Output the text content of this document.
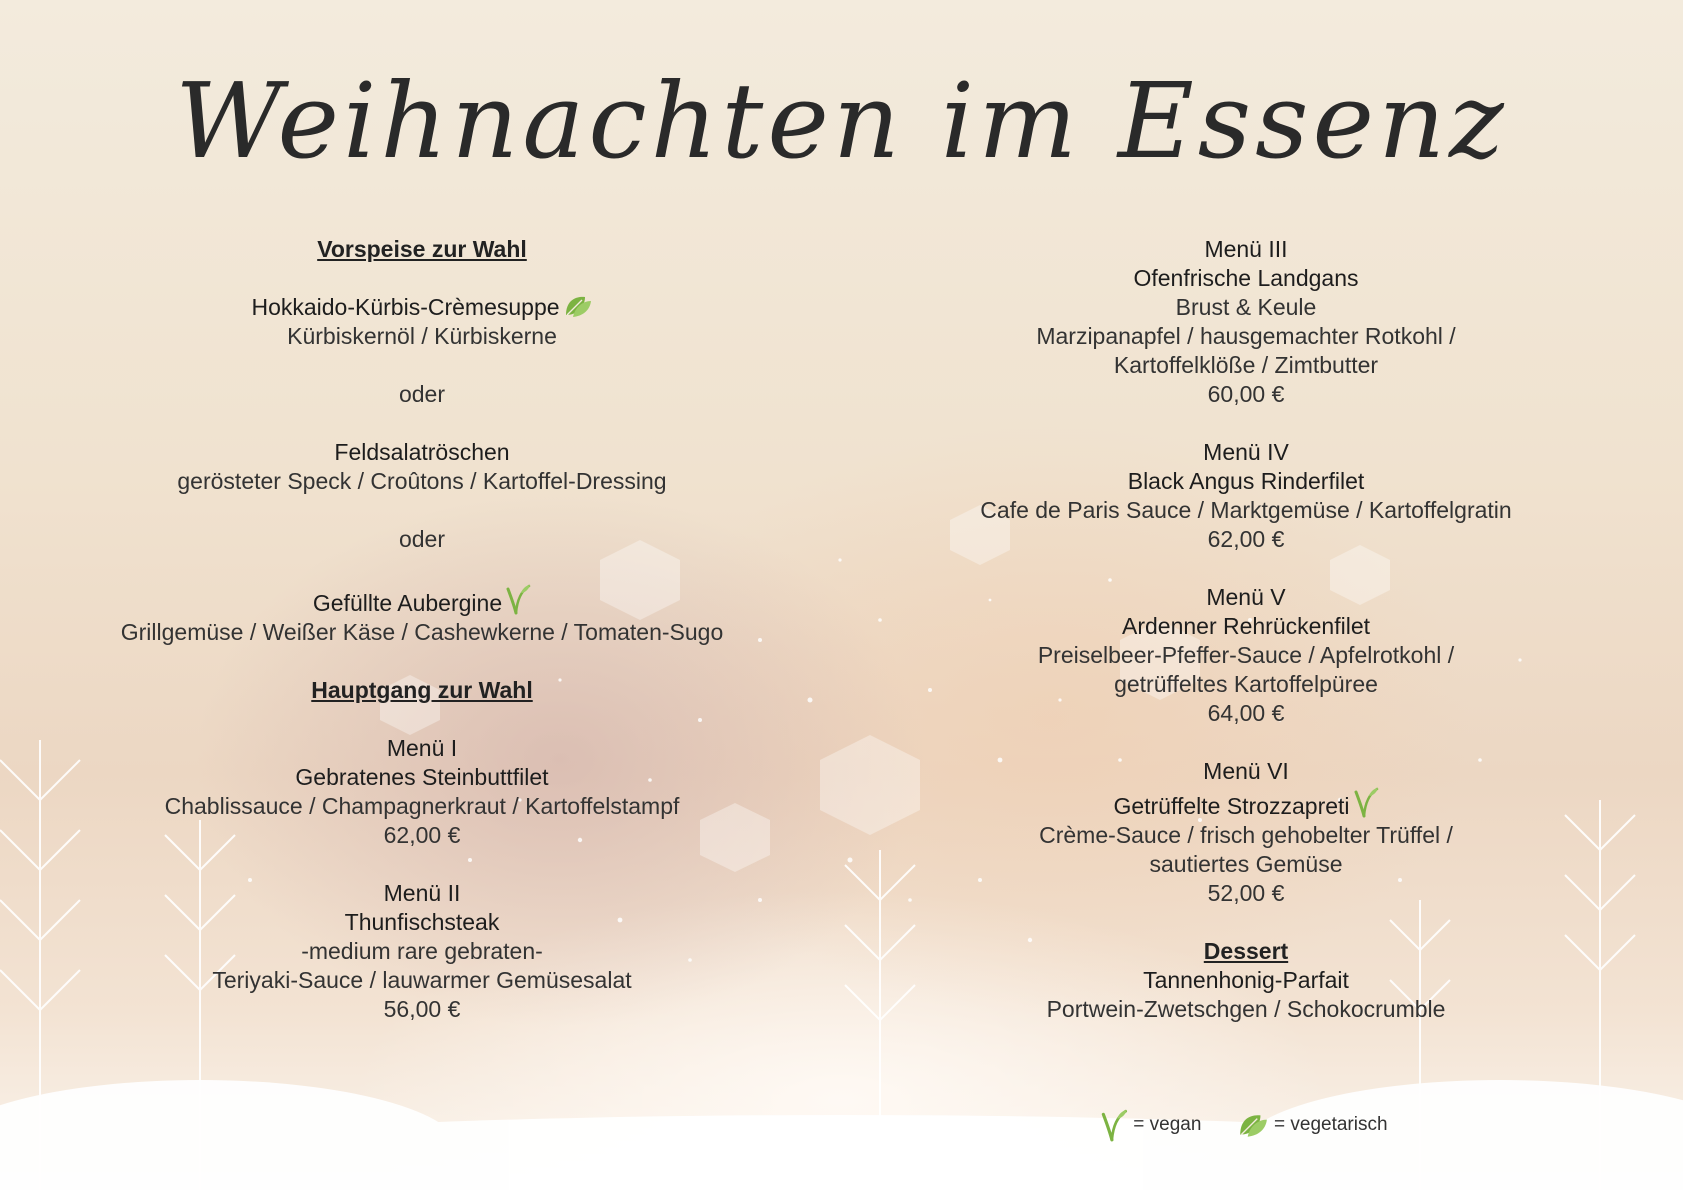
Weihnachten im Essenz
Vorspeise zur Wahl
Hokkaido-Kürbis-Crèmesuppe
Kürbiskernöl / Kürbiskerne
oder
Feldsalatröschen
gerösteter Speck / Croûtons / Kartoffel-Dressing
oder
Gefüllte Aubergine
Grillgemüse / Weißer Käse / Cashewkerne / Tomaten-Sugo
Hauptgang zur Wahl
Menü I
Gebratenes Steinbuttfilet
Chablissauce / Champagnerkraut / Kartoffelstampf
62,00 €
Menü II
Thunfischsteak
-medium rare gebraten-
Teriyaki-Sauce / lauwarmer Gemüsesalat
56,00 €
Menü III
Ofenfrische Landgans
Brust & Keule
Marzipanapfel / hausgemachter Rotkohl /
Kartoffelklöße / Zimtbutter
60,00 €
Menü IV
Black Angus Rinderfilet
Cafe de Paris Sauce / Marktgemüse / Kartoffelgratin
62,00 €
Menü V
Ardenner Rehrückenfilet
Preiselbeer-Pfeffer-Sauce / Apfelrotkohl /
getrüffeltes Kartoffelpüree
64,00 €
Menü VI
Getrüffelte Strozzapreti
Crème-Sauce / frisch gehobelter Trüffel /
sautiertes Gemüse
52,00 €
Dessert
Tannenhonig-Parfait
Portwein-Zwetschgen / Schokocrumble
= vegan	= vegetarisch
